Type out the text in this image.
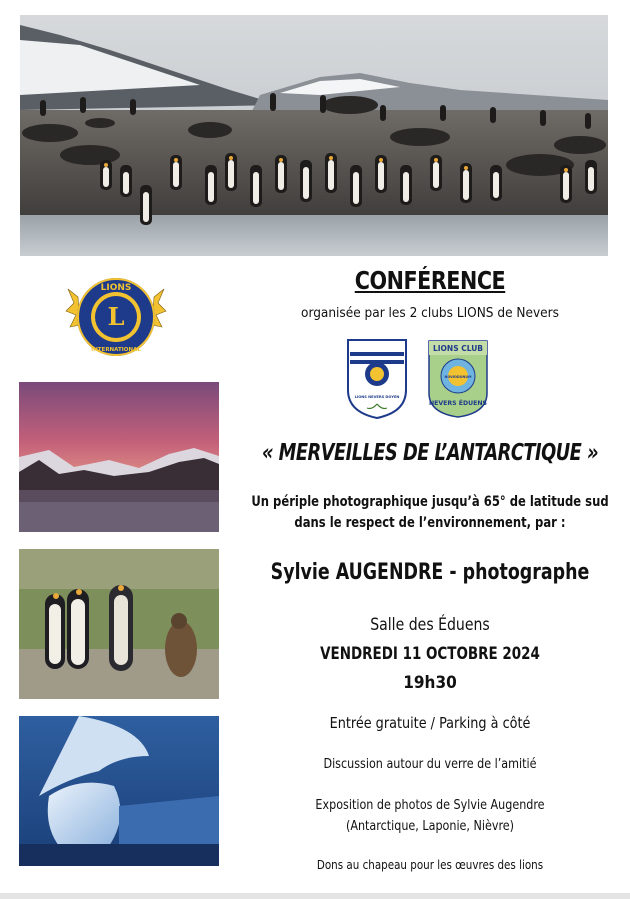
L
LIONS
INTERNATIONAL
CONFÉRENCE
organisée par les 2 clubs LIONS de Nevers
LIONS NEVERS DOYEN
LIONS CLUB
NOVIODUNUM
NEVERS ÉDUENS
« MERVEILLES DE L’ANTARCTIQUE »
Un périple photographique jusqu’à 65° de latitude sud
dans le respect de l’environnement, par :
Sylvie AUGENDRE - photographe
Salle des Éduens
VENDREDI 11 OCTOBRE 2024
19h30
Entrée gratuite / Parking à côté
Discussion autour du verre de l’amitié
Exposition de photos de Sylvie Augendre
(Antarctique, Laponie, Nièvre)
Dons au chapeau pour les œuvres des lions
